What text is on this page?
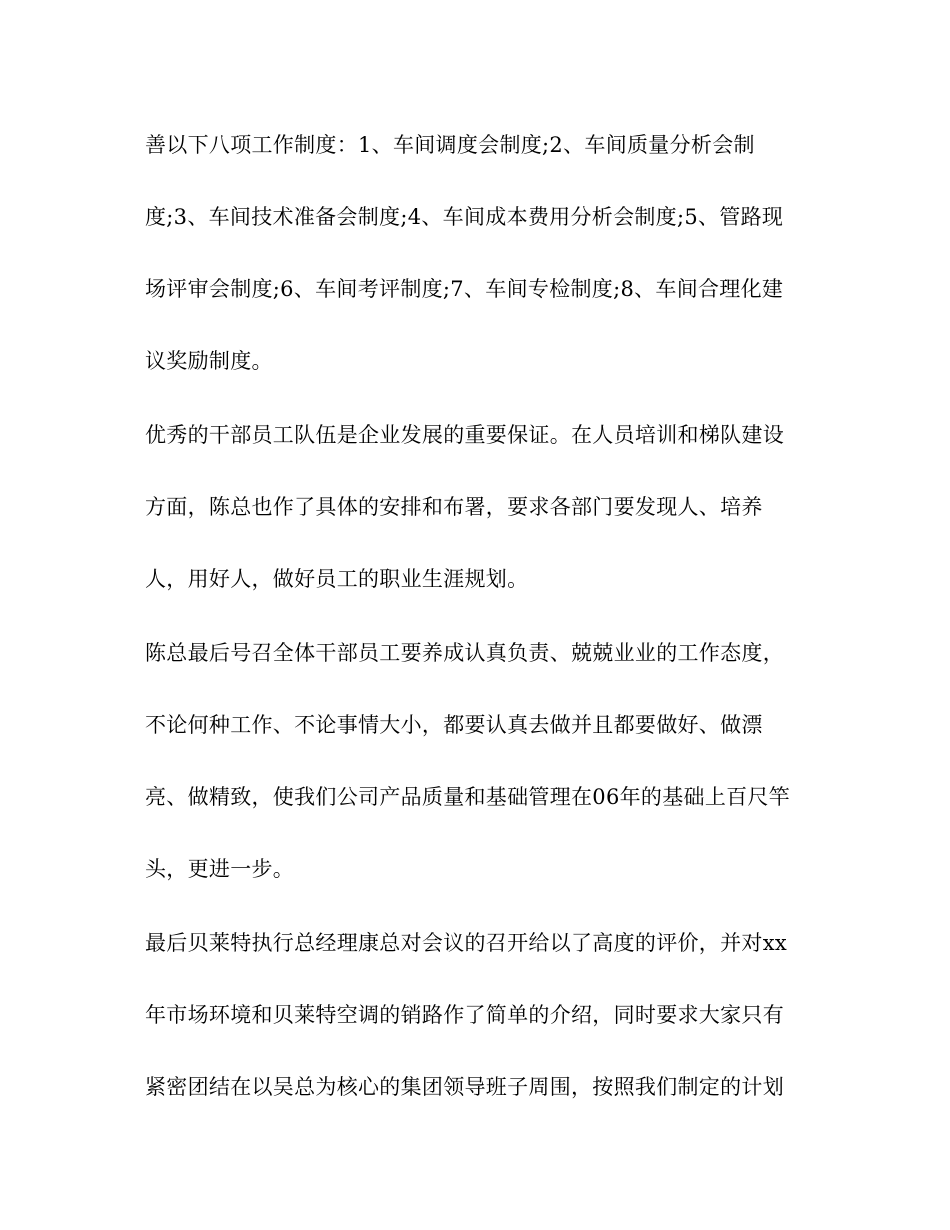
善以下八项工作制度：1、车间调度会制度;2、车间质量分析会制
度;3、车间技术准备会制度;4、车间成本费用分析会制度;5、管路现
场评审会制度;6、车间考评制度;7、车间专检制度;8、车间合理化建
议奖励制度。
优秀的干部员工队伍是企业发展的重要保证。在人员培训和梯队建设
方面，陈总也作了具体的安排和布署，要求各部门要发现人、培养
人，用好人，做好员工的职业生涯规划。
陈总最后号召全体干部员工要养成认真负责、兢兢业业的工作态度，
不论何种工作、不论事情大小，都要认真去做并且都要做好、做漂
亮、做精致，使我们公司产品质量和基础管理在06年的基础上百尺竿
头，更进一步。
最后贝莱特执行总经理康总对会议的召开给以了高度的评价，并对xx
年市场环境和贝莱特空调的销路作了简单的介绍，同时要求大家只有
紧密团结在以吴总为核心的集团领导班子周围，按照我们制定的计划
